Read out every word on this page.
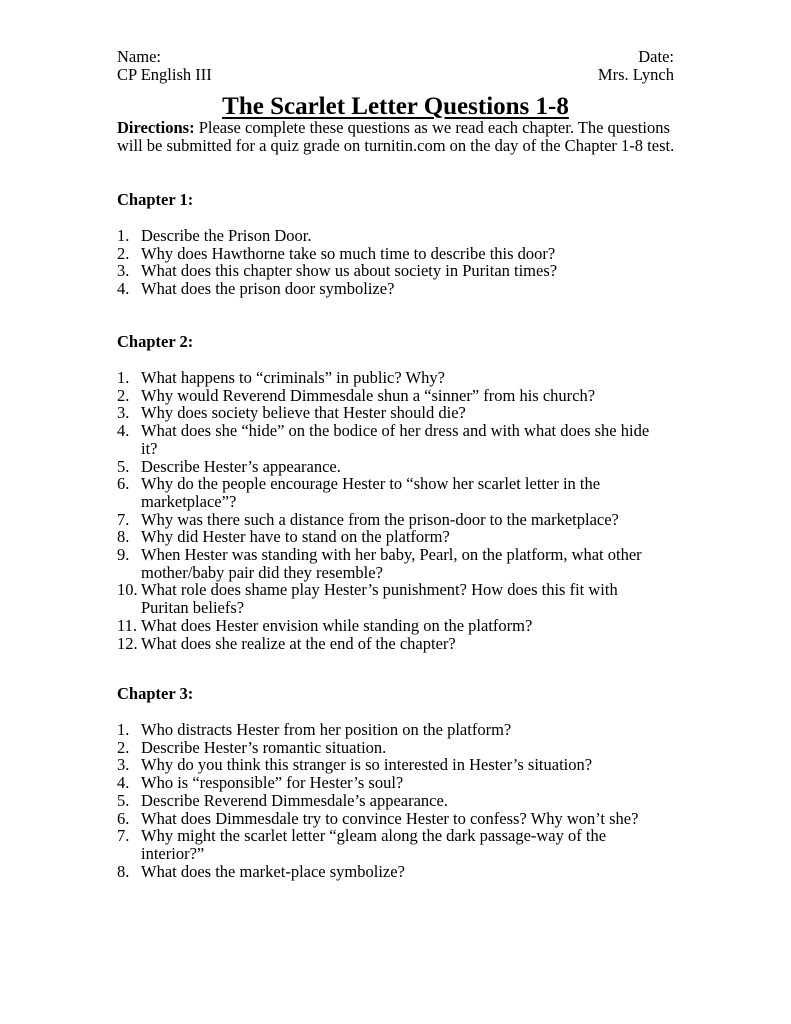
Name:	Date:
CP English III	Mrs. Lynch
The Scarlet Letter Questions 1-8
Directions: Please complete these questions as we read each chapter. The questions will be submitted for a quiz grade on turnitin.com on the day of the Chapter 1-8 test.
Chapter 1:
1. Describe the Prison Door.
2. Why does Hawthorne take so much time to describe this door?
3. What does this chapter show us about society in Puritan times?
4. What does the prison door symbolize?
Chapter 2:
1. What happens to “criminals” in public? Why?
2. Why would Reverend Dimmesdale shun a “sinner” from his church?
3. Why does society believe that Hester should die?
4. What does she “hide” on the bodice of her dress and with what does she hide it?
5. Describe Hester’s appearance.
6. Why do the people encourage Hester to “show her scarlet letter in the marketplace”?
7. Why was there such a distance from the prison-door to the marketplace?
8. Why did Hester have to stand on the platform?
9. When Hester was standing with her baby, Pearl, on the platform, what other mother/baby pair did they resemble?
10. What role does shame play Hester’s punishment? How does this fit with Puritan beliefs?
11. What does Hester envision while standing on the platform?
12. What does she realize at the end of the chapter?
Chapter 3:
1. Who distracts Hester from her position on the platform?
2. Describe Hester’s romantic situation.
3. Why do you think this stranger is so interested in Hester’s situation?
4. Who is “responsible” for Hester’s soul?
5. Describe Reverend Dimmesdale’s appearance.
6. What does Dimmesdale try to convince Hester to confess? Why won’t she?
7. Why might the scarlet letter “gleam along the dark passage-way of the interior?”
8. What does the market-place symbolize?
